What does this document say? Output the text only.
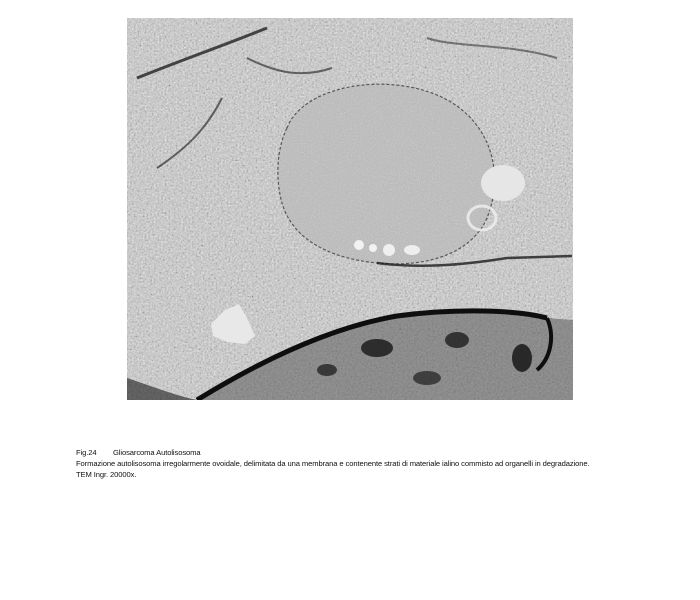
Fig.24	Gliosarcoma Autolisosoma
Formazione autolisosoma irregolarmente ovoidale, delimitata da una membrana e contenente strati di materiale ialino commisto ad organelli in degradazione.
TEM Ingr. 20000x.
